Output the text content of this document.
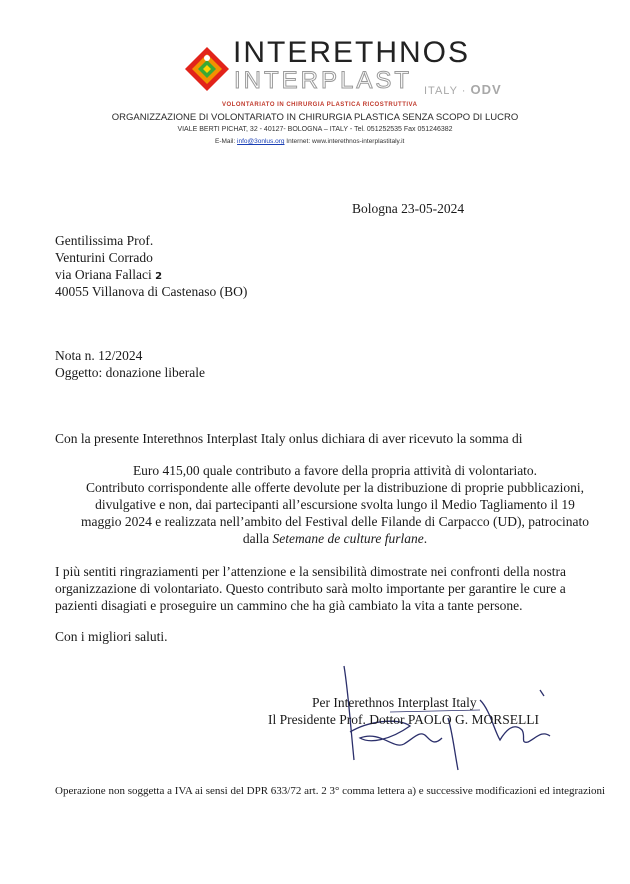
INTERETHNOS
INTERPLAST ITALY · ODV
VOLONTARIATO IN CHIRURGIA PLASTICA RICOSTRUTTIVA
ORGANIZZAZIONE DI VOLONTARIATO IN CHIRURGIA PLASTICA SENZA SCOPO DI LUCRO
VIALE BERTI PICHAT, 32 - 40127- BOLOGNA – ITALY - Tel. 051252535 Fax 051246382
E-Mail: info@3onlus.org Internet: www.interethnos-interplastitaly.it
Bologna 23-05-2024
Gentilissima Prof.
Venturini Corrado
via Oriana Fallaci 2
40055 Villanova di Castenaso (BO)
Nota n. 12/2024
Oggetto: donazione liberale
Con la presente Interethnos Interplast Italy onlus dichiara di aver ricevuto la somma di
Euro 415,00 quale contributo a favore della propria attività di volontariato.
Contributo corrispondente alle offerte devolute per la distribuzione di proprie pubblicazioni,
divulgative e non, dai partecipanti all’escursione svolta lungo il Medio Tagliamento il 19
maggio 2024 e realizzata nell’ambito del Festival delle Filande di Carpacco (UD), patrocinato
dalla Setemane de culture furlane.
I più sentiti ringraziamenti per l’attenzione e la sensibilità dimostrate nei confronti della nostra
organizzazione di volontariato. Questo contributo sarà molto importante per garantire le cure a
pazienti disagiati e proseguire un cammino che ha già cambiato la vita a tante persone.
Con i migliori saluti.
Per Interethnos Interplast Italy
Il Presidente Prof. Dottor PAOLO G. MORSELLI
Operazione non soggetta a IVA ai sensi del DPR 633/72 art. 2 3° comma lettera a) e successive modificazioni ed integrazioni
